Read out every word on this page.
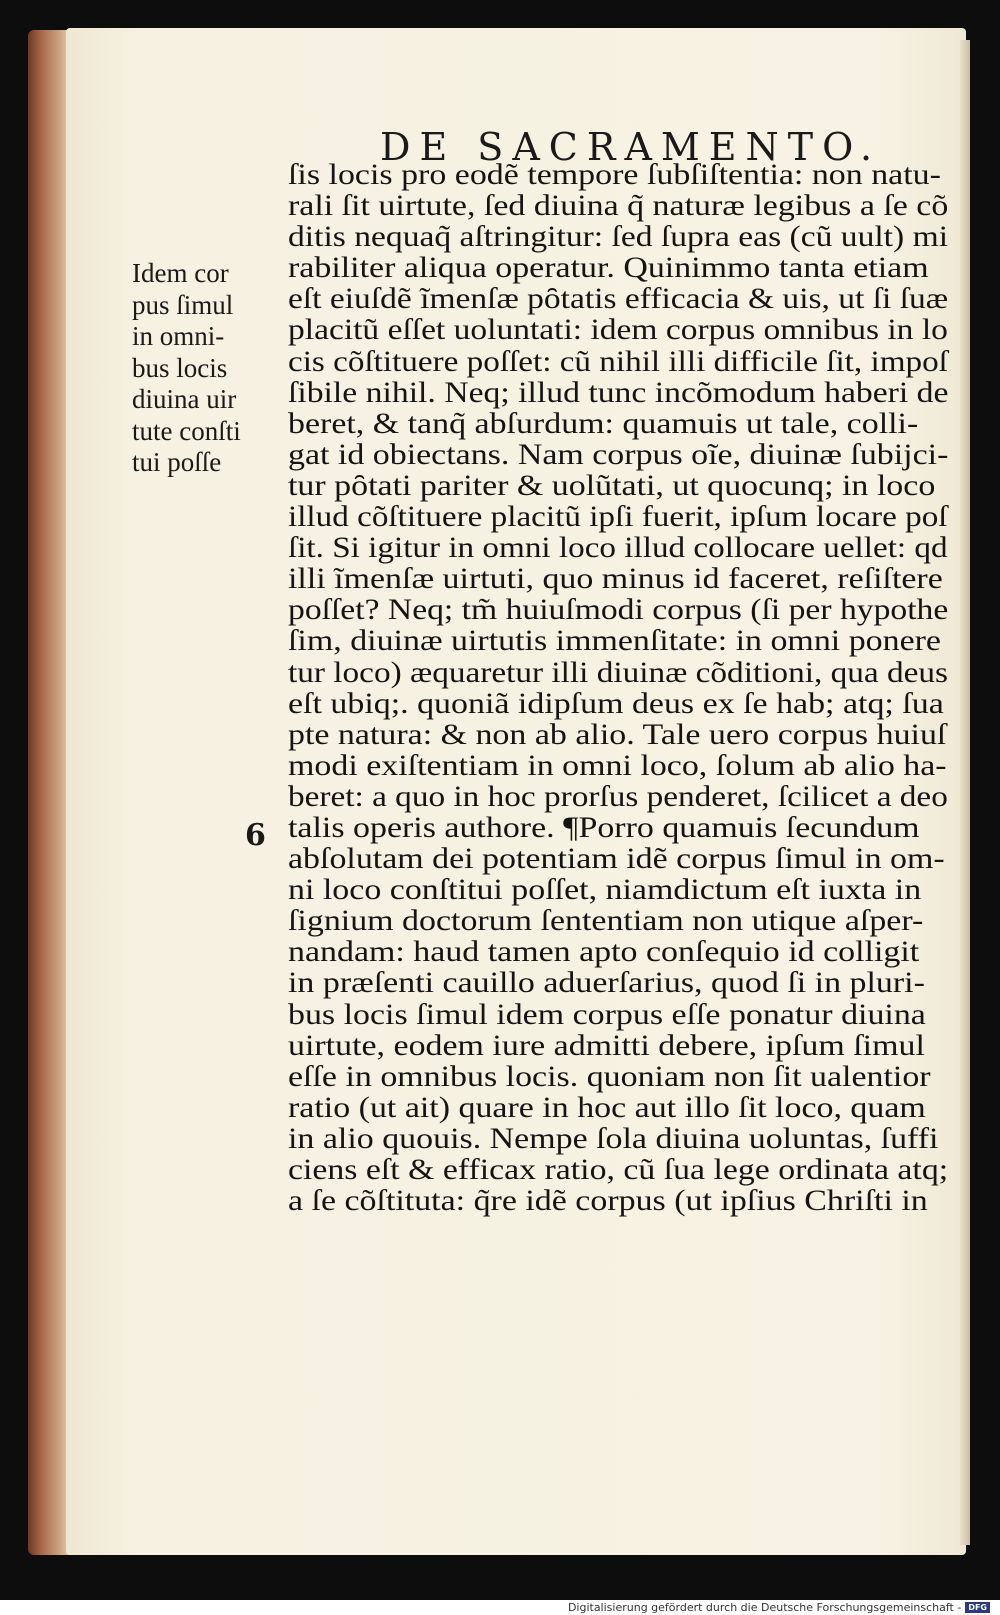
DE SACRAMENTO.
Idem cor
pus ſimul
in omni-
bus locis
diuina uir
tute conſti
tui poſſe
6
ſis locis pro eodẽ tempore ſubſiſtentia: non natu-
rali ſit uirtute, ſed diuina q̃ naturæ legibus a ſe cõ
ditis nequaq̃ aſtringitur: ſed ſupra eas (cũ uult) mi
rabiliter aliqua operatur. Quinimmo tanta etiam
eſt eiuſdẽ ĩmenſæ pȏtatis efficacia & uis, ut ſi ſuæ
placitũ eſſet uoluntati: idem corpus omnibus in lo
cis cõſtituere poſſet: cũ nihil illi difficile ſit, impoſ
ſibile nihil. Neq; illud tunc incõmodum haberi de
beret, & tanq̃ abſurdum: quamuis ut tale, colli-
gat id obiectans. Nam corpus oĩe, diuinæ ſubijci-
tur pȏtati pariter & uolũtati, ut quocunq; in loco
illud cõſtituere placitũ ipſi fuerit, ipſum locare poſ
ſit. Si igitur in omni loco illud collocare uellet: qd
illi ĩmenſæ uirtuti, quo minus id faceret, reſiſtere
poſſet? Neq; tm̃ huiuſmodi corpus (ſi per hypothe
ſim, diuinæ uirtutis immenſitate: in omni ponere
tur loco) æquaretur illi diuinæ cõditioni, qua deus
eſt ubiq;. quoniã idipſum deus ex ſe hab; atq; ſua
pte natura: & non ab alio. Tale uero corpus huiuſ
modi exiſtentiam in omni loco, ſolum ab alio ha-
beret: a quo in hoc prorſus penderet, ſcilicet a deo
talis operis authore. ¶Porro quamuis ſecundum
abſolutam dei potentiam idẽ corpus ſimul in om-
ni loco conſtitui poſſet, niamdictum eſt iuxta in
ſignium doctorum ſententiam non utique aſper-
nandam: haud tamen apto conſequio id colligit
in præſenti cauillo aduerſarius, quod ſi in pluri-
bus locis ſimul idem corpus eſſe ponatur diuina
uirtute, eodem iure admitti debere, ipſum ſimul
eſſe in omnibus locis. quoniam non ſit ualentior
ratio (ut ait) quare in hoc aut illo ſit loco, quam
in alio quouis. Nempe ſola diuina uoluntas, ſuffi
ciens eſt & efficax ratio, cũ ſua lege ordinata atq;
a ſe cõſtituta: q̃re idẽ corpus (ut ipſius Chriſti in
Digitalisierung gefördert durch die Deutsche Forschungsgemeinschaft - DFG
